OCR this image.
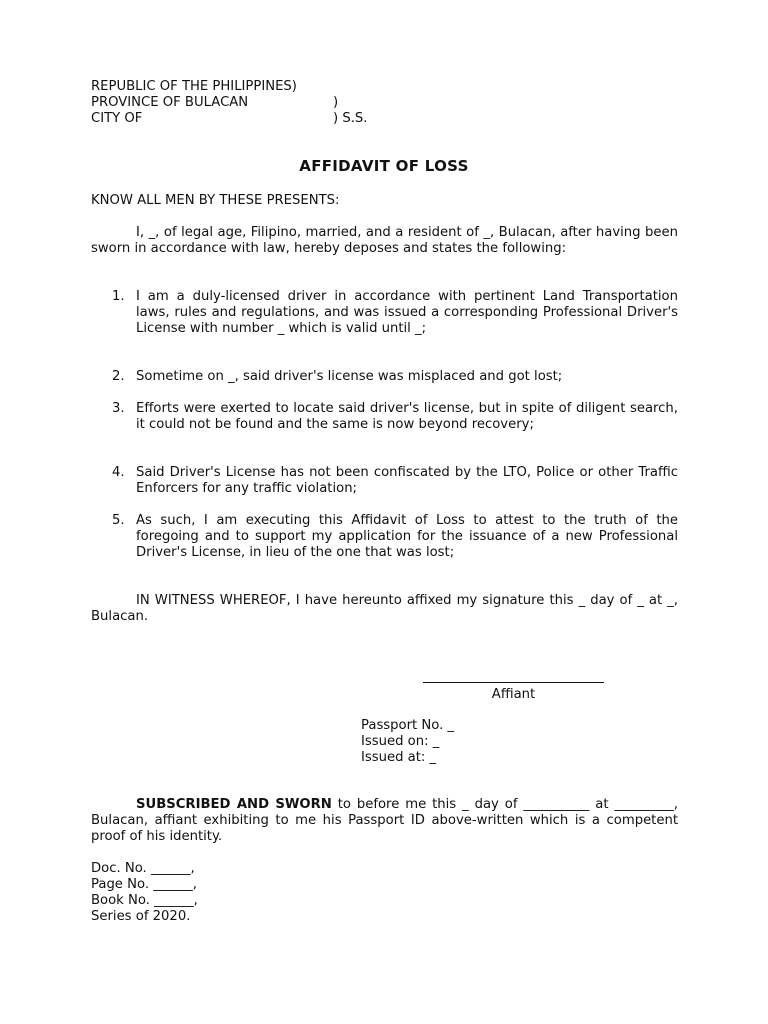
REPUBLIC OF THE PHILIPPINES)
PROVINCE OF BULACAN	)
CITY OF	) S.S.
AFFIDAVIT OF LOSS
KNOW ALL MEN BY THESE PRESENTS:
I, _, of legal age, Filipino, married, and a resident of _, Bulacan, after having been sworn in accordance with law, hereby deposes and states the following:
1. I am a duly-licensed driver in accordance with pertinent Land Transportation laws, rules and regulations, and was issued a corresponding Professional Driver's License with number _ which is valid until _;
2. Sometime on _, said driver's license was misplaced and got lost;
3. Efforts were exerted to locate said driver's license, but in spite of diligent search, it could not be found and the same is now beyond recovery;
4. Said Driver's License has not been confiscated by the LTO, Police or other Traffic Enforcers for any traffic violation;
5. As such, I am executing this Affidavit of Loss to attest to the truth of the foregoing and to support my application for the issuance of a new Professional Driver's License, in lieu of the one that was lost;
IN WITNESS WHEREOF, I have hereunto affixed my signature this _ day of _ at _, Bulacan.
Affiant
Passport No. _
Issued on: _
Issued at: _
SUBSCRIBED AND SWORN to before me this _ day of __________ at _________, Bulacan, affiant exhibiting to me his Passport ID above-written which is a competent proof of his identity.
Doc. No. ______,
Page No. ______,
Book No. ______,
Series of 2020.
